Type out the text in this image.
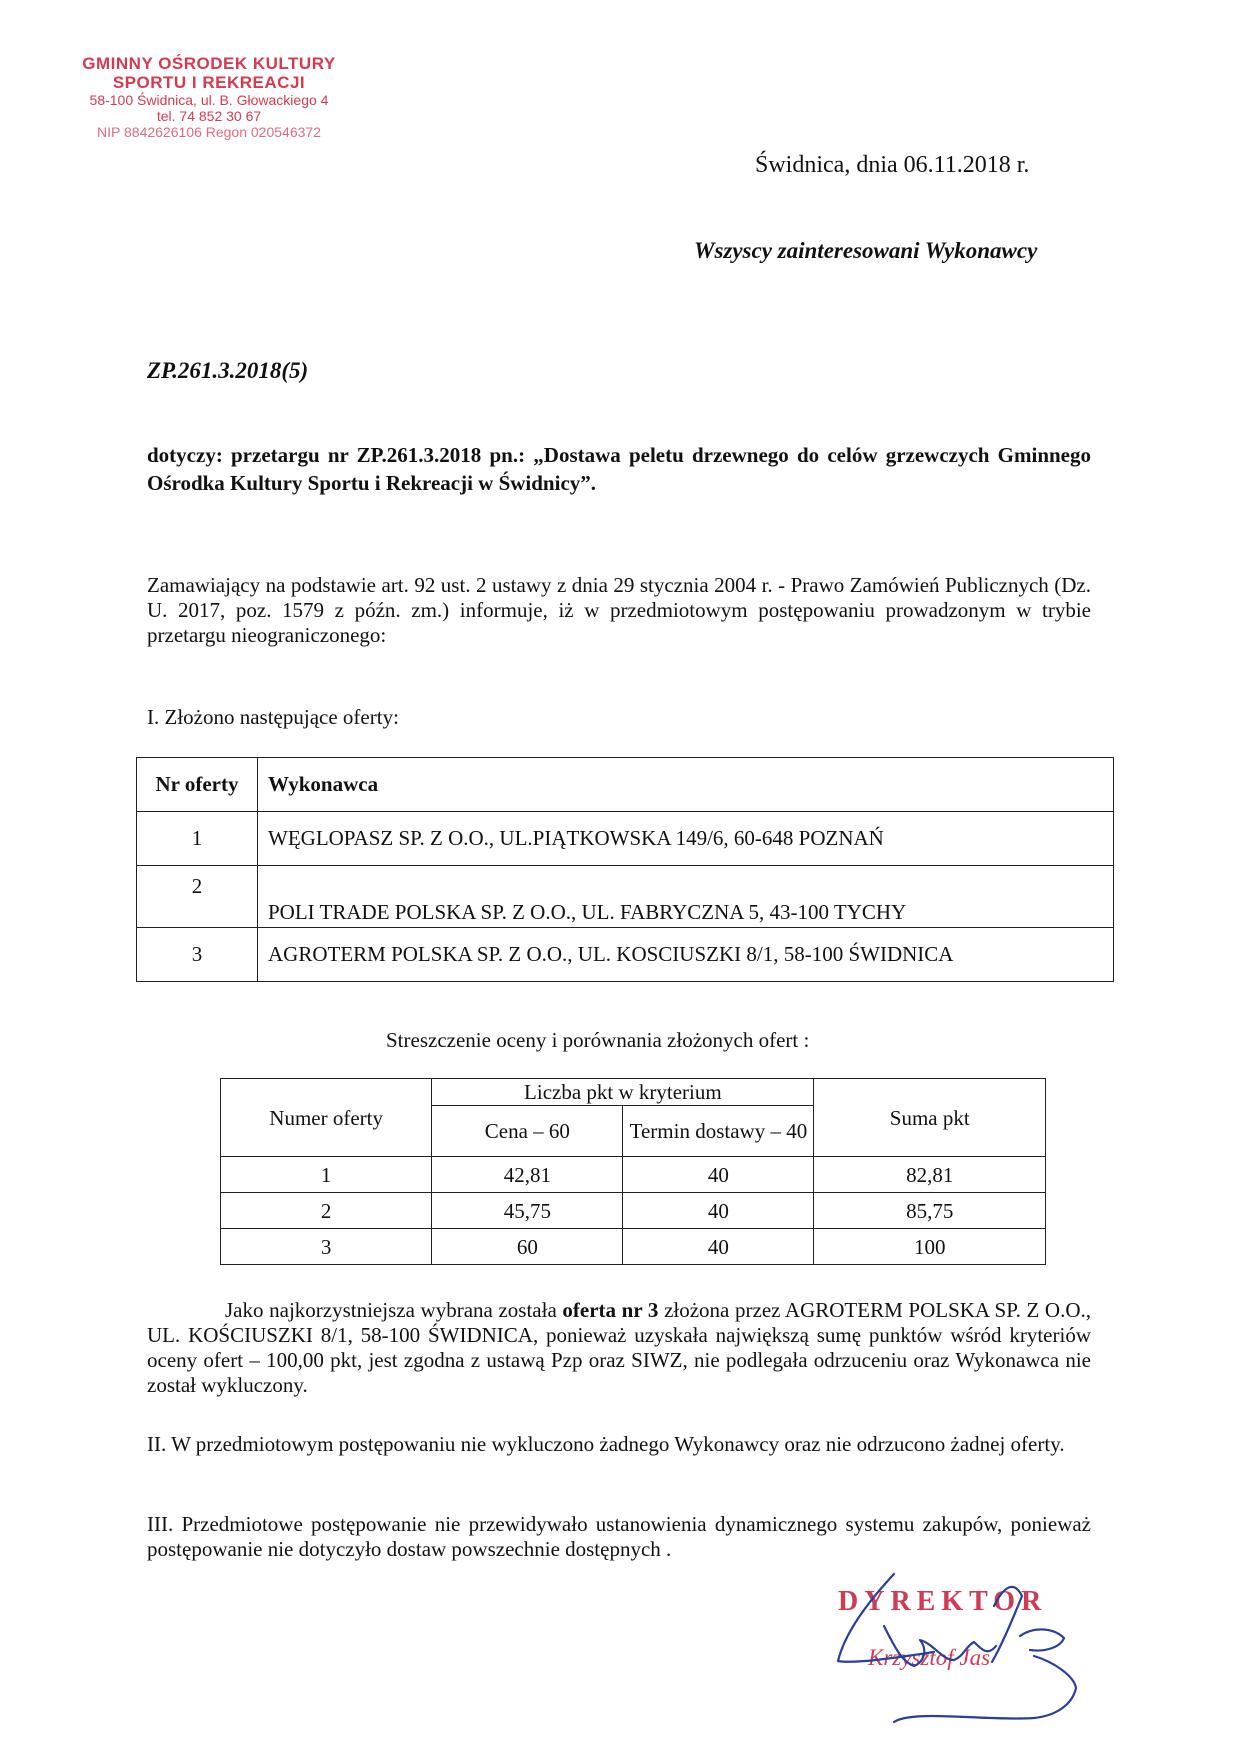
GMINNY OŚRODEK KULTURY
SPORTU I REKREACJI
58-100 Świdnica, ul. B. Głowackiego 4
tel. 74 852 30 67
NIP 8842626106 Regon 020546372
Świdnica, dnia 06.11.2018 r.
Wszyscy zainteresowani Wykonawcy
ZP.261.3.2018(5)
dotyczy: przetargu nr ZP.261.3.2018 pn.: „Dostawa peletu drzewnego do celów grzewczych Gminnego Ośrodka Kultury Sportu i Rekreacji w Świdnicy”.
Zamawiający na podstawie art. 92 ust. 2 ustawy z dnia 29 stycznia 2004 r. - Prawo Zamówień Publicznych (Dz. U. 2017, poz. 1579 z późn. zm.) informuje, iż w przedmiotowym postępowaniu prowadzonym w trybie przetargu nieograniczonego:
I. Złożono następujące oferty:
Nr oferty	Wykonawca
1	WĘGLOPASZ SP. Z O.O., UL.PIĄTKOWSKA 149/6, 60-648 POZNAŃ
2	POLI TRADE POLSKA SP. Z O.O., UL. FABRYCZNA 5, 43-100 TYCHY
3	AGROTERM POLSKA SP. Z O.O., UL. KOSCIUSZKI 8/1, 58-100 ŚWIDNICA
Streszczenie oceny i porównania złożonych ofert :
Numer oferty	Liczba pkt w kryterium		Suma pkt
	Cena – 60	Termin dostawy – 40	
1	42,81	40	82,81
2	45,75	40	85,75
3	60	40	100
Jako najkorzystniejsza wybrana została oferta nr 3 złożona przez AGROTERM POLSKA SP. Z O.O., UL. KOŚCIUSZKI 8/1, 58-100 ŚWIDNICA, ponieważ uzyskała największą sumę punktów wśród kryteriów oceny ofert – 100,00 pkt, jest zgodna z ustawą Pzp oraz SIWZ, nie podlegała odrzuceniu oraz Wykonawca nie został wykluczony.
II. W przedmiotowym postępowaniu nie wykluczono żadnego Wykonawcy oraz nie odrzucono żadnej oferty.
III. Przedmiotowe postępowanie nie przewidywało ustanowienia dynamicznego systemu zakupów, ponieważ postępowanie nie dotyczyło dostaw powszechnie dostępnych .
DYREKTOR
Krzysztof Jas
